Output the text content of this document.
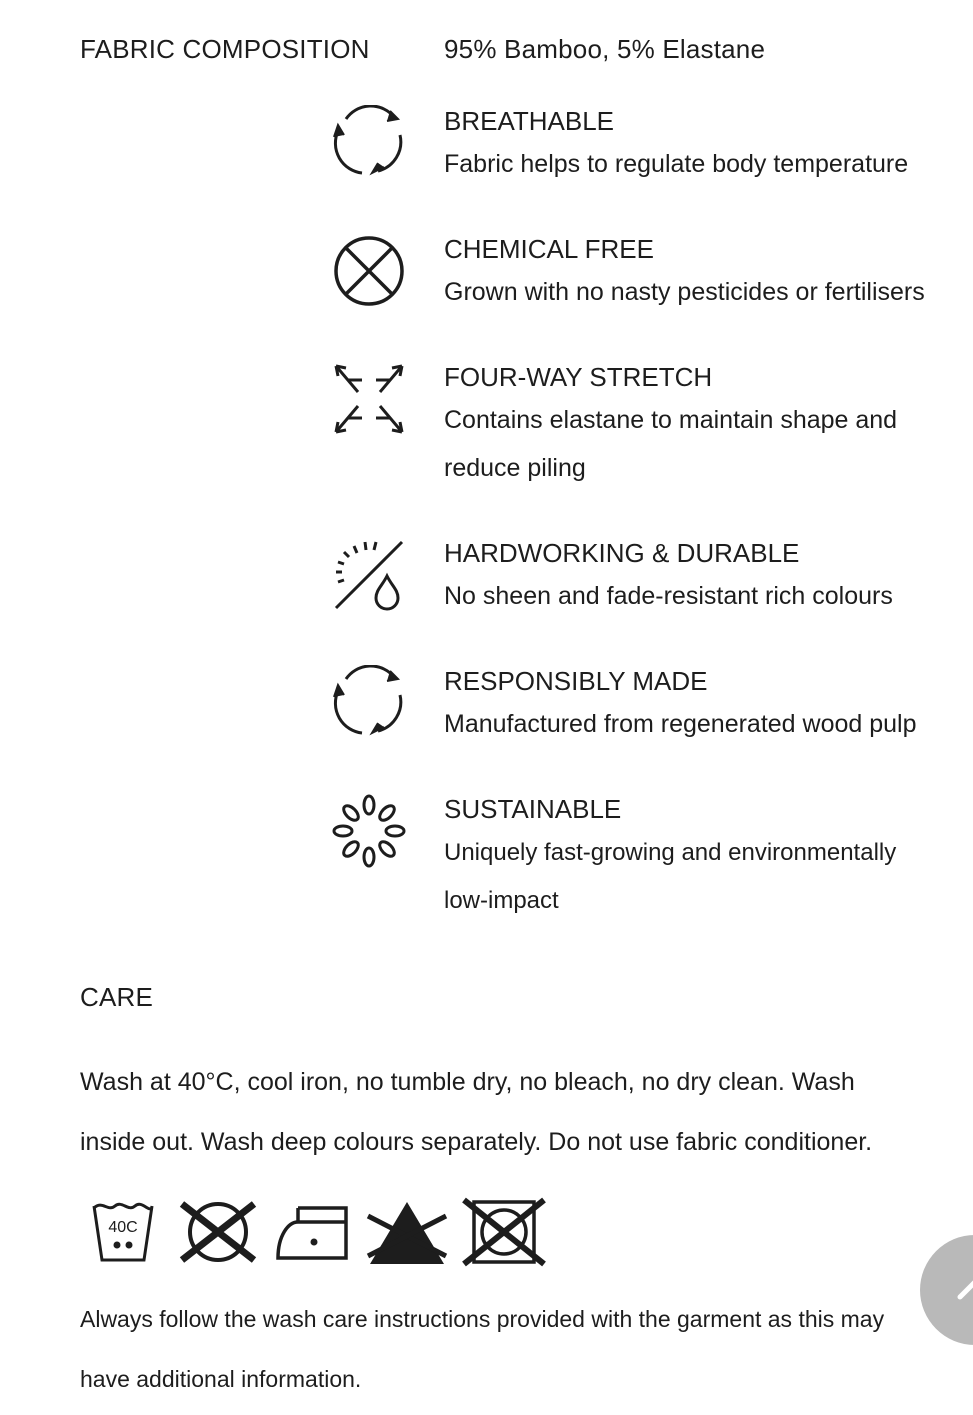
FABRIC COMPOSITION	95% Bamboo, 5% Elastane
BREATHABLE
Fabric helps to regulate body temperature
CHEMICAL FREE
Grown with no nasty pesticides or fertilisers
FOUR-WAY STRETCH
Contains elastane to maintain shape and reduce piling
HARDWORKING & DURABLE
No sheen and fade-resistant rich colours
RESPONSIBLY MADE
Manufactured from regenerated wood pulp
SUSTAINABLE
Uniquely fast-growing and environmentally low-impact
CARE
Wash at 40°C, cool iron, no tumble dry, no bleach, no dry clean. Wash inside out. Wash deep colours separately. Do not use fabric conditioner.
40C
Always follow the wash care instructions provided with the garment as this may have additional information.
